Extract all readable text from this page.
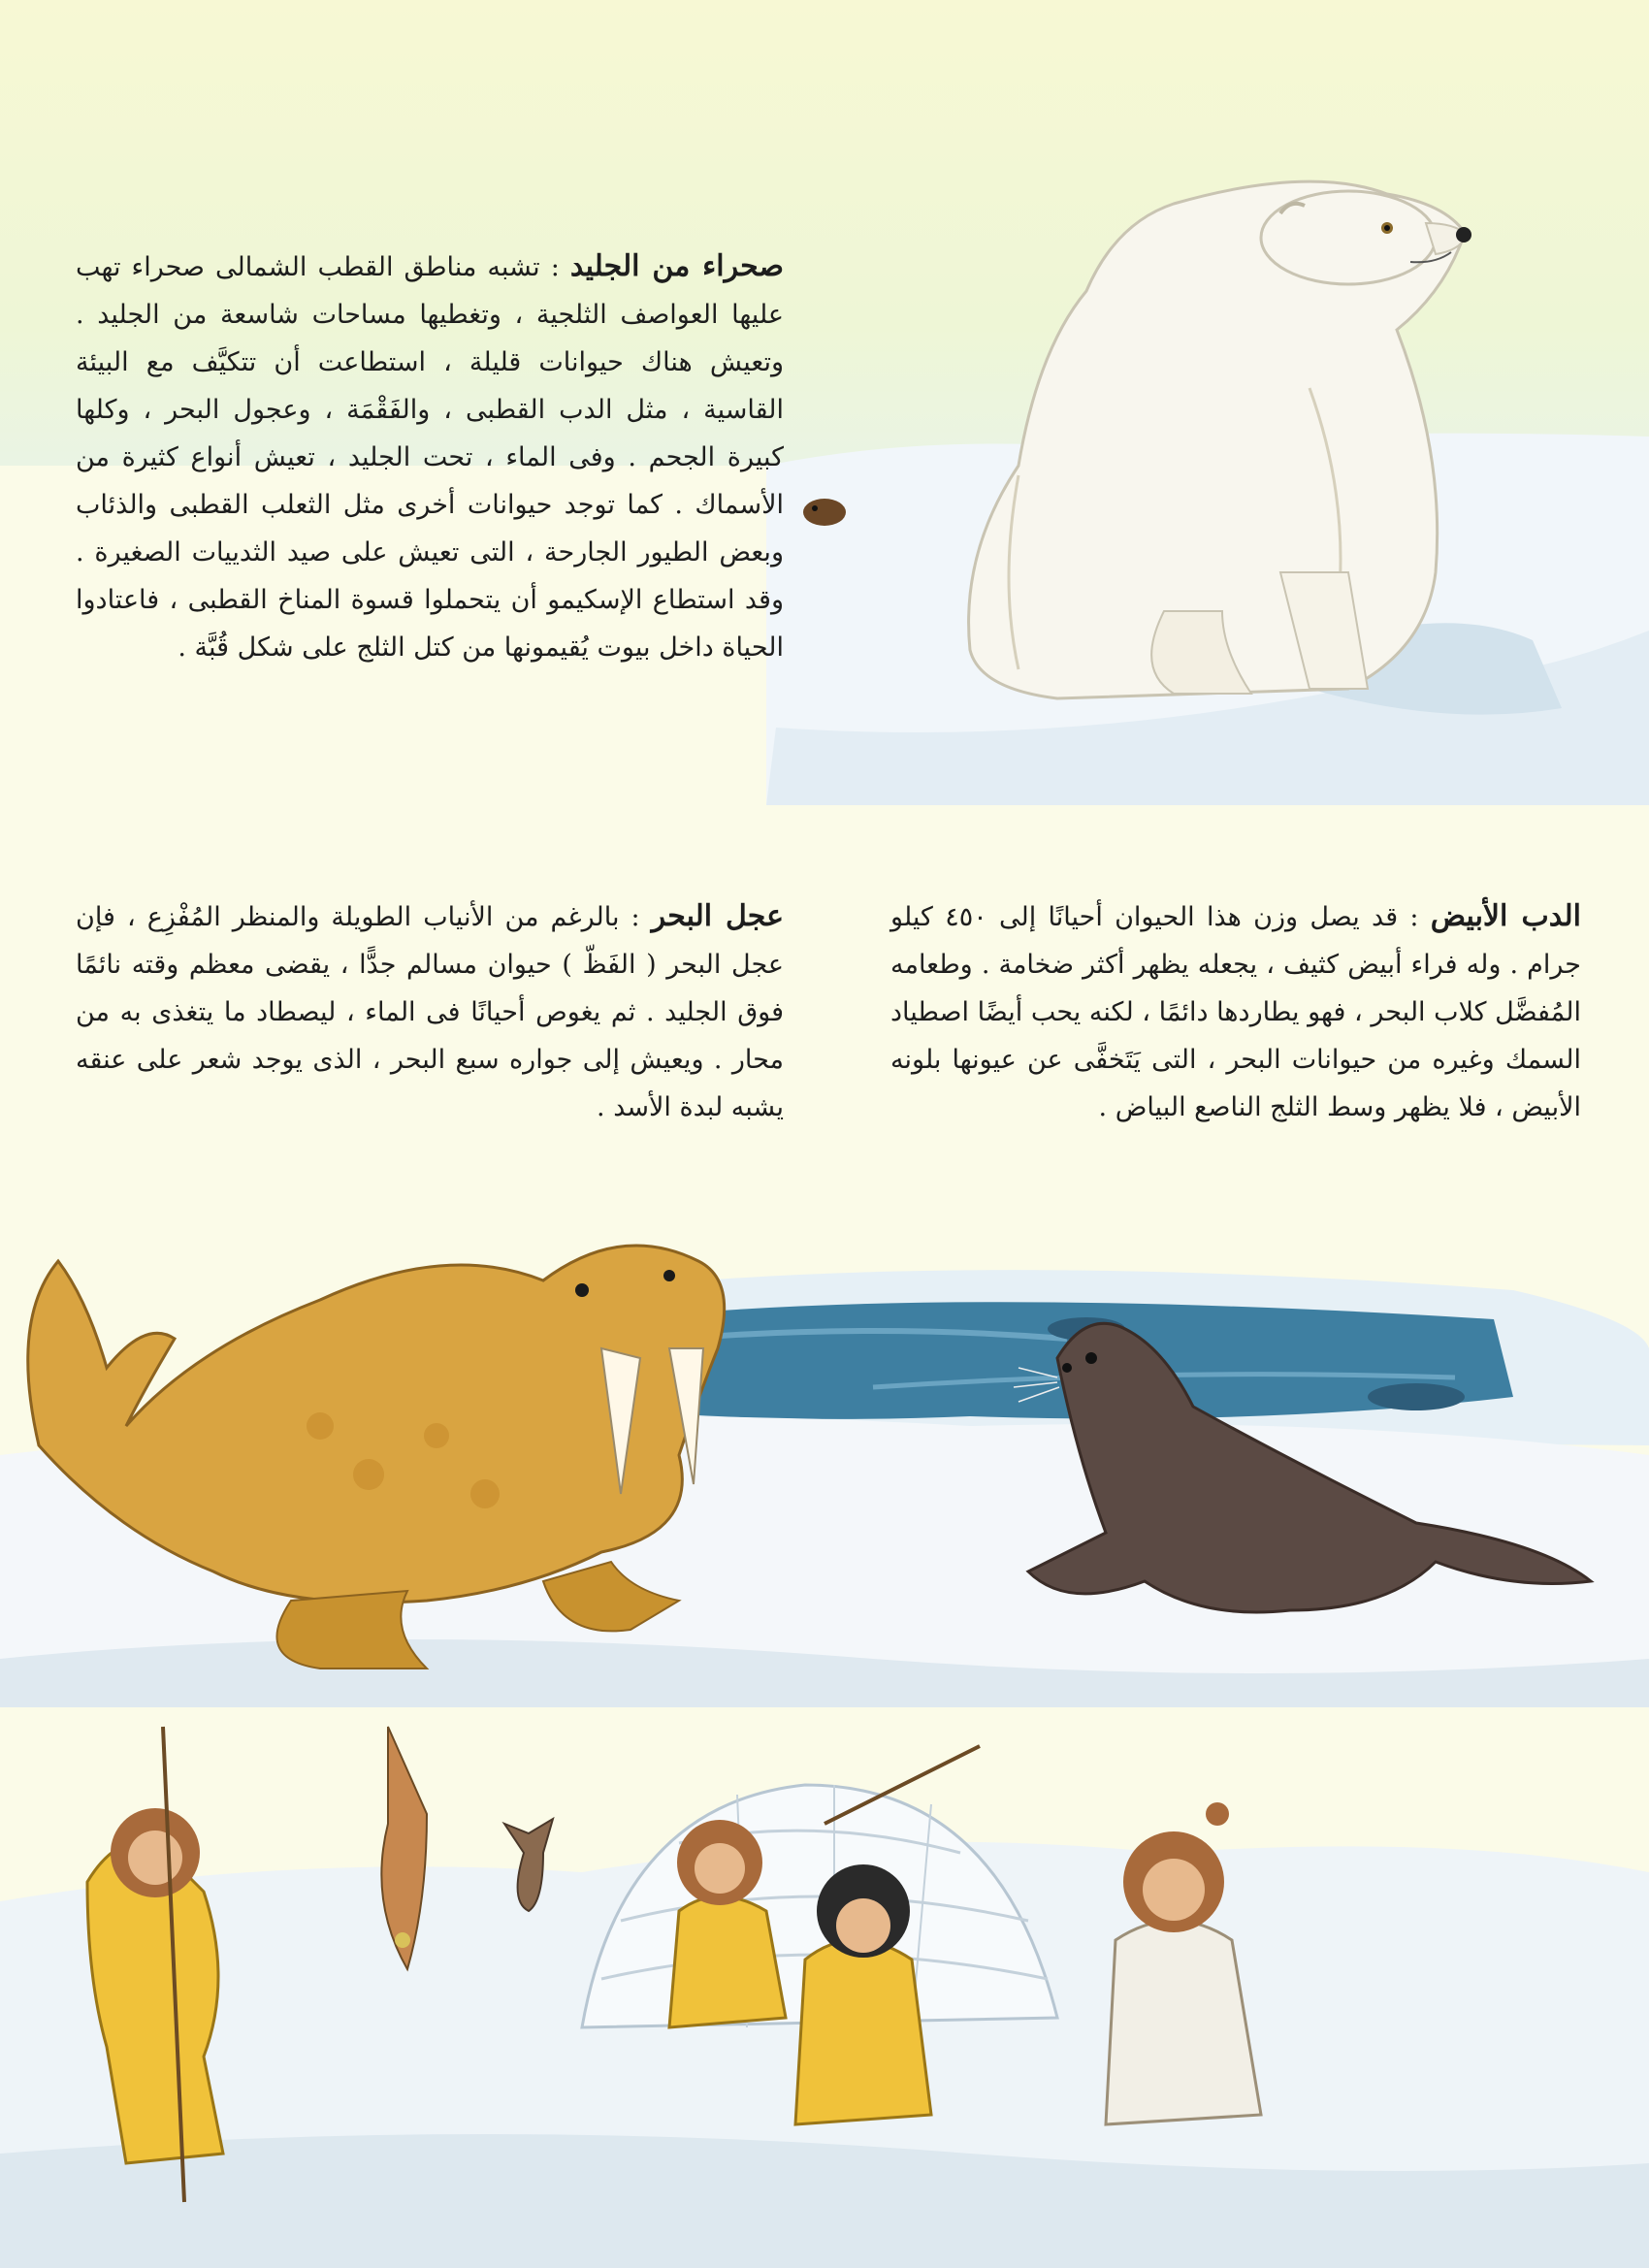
صحراء من الجليد : تشبه مناطق القطب الشمالى صحراء تهب عليها العواصف الثلجية ، وتغطيها مساحات شاسعة من الجليد . وتعيش هناك حيوانات قليلة ، استطاعت أن تتكيَّف مع البيئة القاسية ، مثل الدب القطبى ، والفَقْمَة ، وعجول البحر ، وكلها كبيرة الجحم . وفى الماء ، تحت الجليد ، تعيش أنواع كثيرة من الأسماك . كما توجد حيوانات أخرى مثل الثعلب القطبى والذئاب وبعض الطيور الجارحة ، التى تعيش على صيد الثدييات الصغيرة . وقد استطاع الإسكيمو أن يتحملوا قسوة المناخ القطبى ، فاعتادوا الحياة داخل بيوت يُقيمونها من كتل الثلج على شكل قُبَّة .
الدب الأبيض : قد يصل وزن هذا الحيوان أحيانًا إلى ٤٥٠ كيلو جرام . وله فراء أبيض كثيف ، يجعله يظهر أكثر ضخامة . وطعامه المُفضَّل كلاب البحر ، فهو يطاردها دائمًا ، لكنه يحب أيضًا اصطياد السمك وغيره من حيوانات البحر ، التى يَتَخفَّى عن عيونها بلونه الأبيض ، فلا يظهر وسط الثلج الناصع البياض .
عجل البحر : بالرغم من الأنياب الطويلة والمنظر المُفْزِع ، فإن عجل البحر ( الفَظّ ) حيوان مسالم جدًّا ، يقضى معظم وقته نائمًا فوق الجليد . ثم يغوص أحيانًا فى الماء ، ليصطاد ما يتغذى به من محار . ويعيش إلى جواره سبع البحر ، الذى يوجد شعر على عنقه يشبه لبدة الأسد .
